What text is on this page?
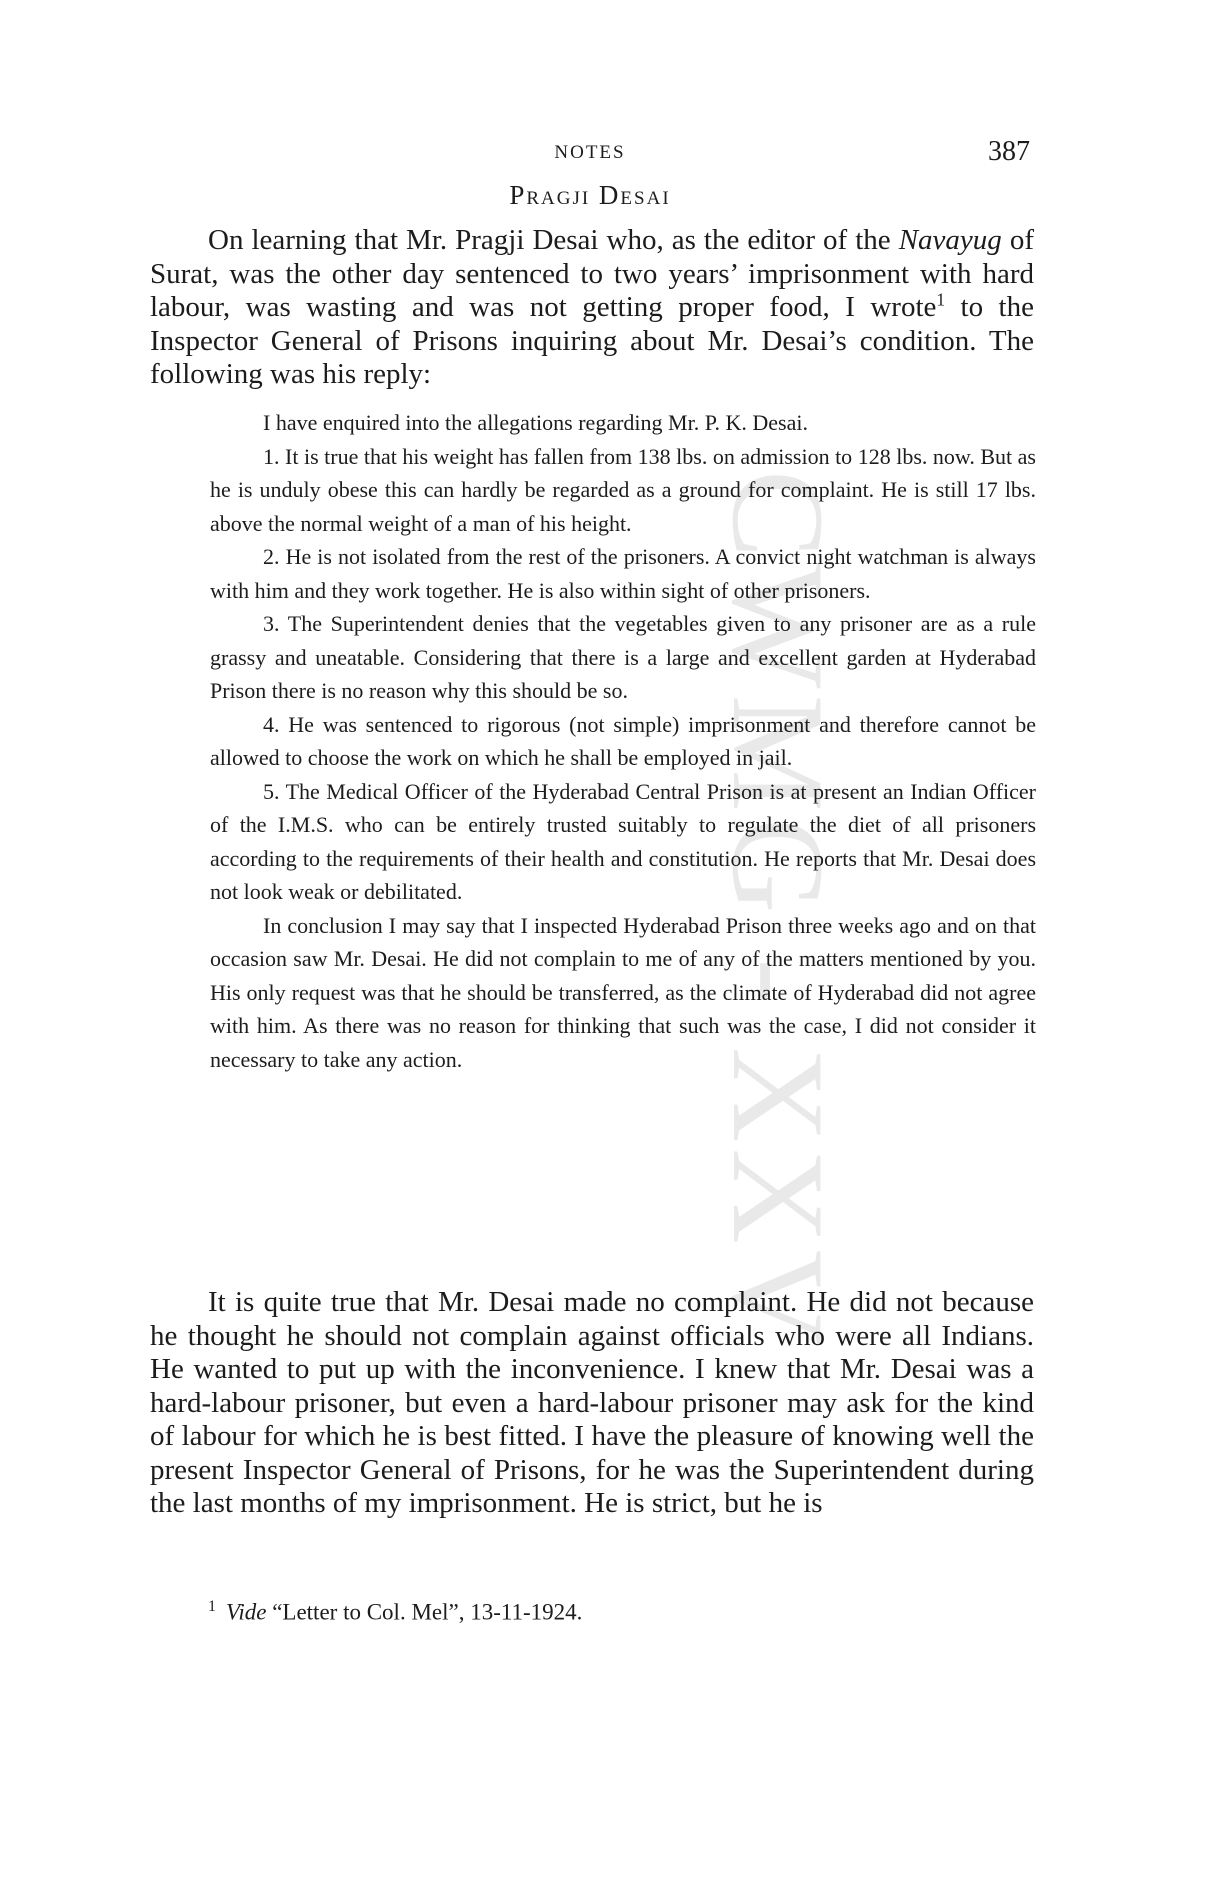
CWMG - XXV
NOTES	387
Pragji Desai

On learning that Mr. Pragji Desai who, as the editor of the Navayug of Surat, was the other day sentenced to two years’ imprisonment with hard labour, was wasting and was not getting proper food, I wrote$^1$ to the Inspector General of Prisons inquiring about Mr. Desai’s condition. The following was his reply:

I have enquired into the allegations regarding Mr. P. K. Desai.

1. It is true that his weight has fallen from 138 lbs. on admission to 128 lbs. now. But as he is unduly obese this can hardly be regarded as a ground for complaint. He is still 17 lbs. above the normal weight of a man of his height.

2. He is not isolated from the rest of the prisoners. A convict night watchman is always with him and they work together. He is also within sight of other prisoners.

3. The Superintendent denies that the vegetables given to any prisoner are as a rule grassy and uneatable. Considering that there is a large and excellent garden at Hyderabad Prison there is no reason why this should be so.

4. He was sentenced to rigorous (not simple) imprisonment and therefore cannot be allowed to choose the work on which he shall be employed in jail.

5. The Medical Officer of the Hyderabad Central Prison is at present an Indian Officer of the I.M.S. who can be entirely trusted suitably to regulate the diet of all prisoners according to the requirements of their health and constitution. He reports that Mr. Desai does not look weak or debilitated.

In conclusion I may say that I inspected Hyderabad Prison three weeks ago and on that occasion saw Mr. Desai. He did not complain to me of any of the matters mentioned by you. His only request was that he should be transferred, as the climate of Hyderabad did not agree with him. As there was no reason for thinking that such was the case, I did not consider it necessary to take any action.

It is quite true that Mr. Desai made no complaint. He did not because he thought he should not complain against officials who were all Indians. He wanted to put up with the inconvenience. I knew that Mr. Desai was a hard-labour prisoner, but even a hard-labour prisoner may ask for the kind of labour for which he is best fitted. I have the pleasure of knowing well the present Inspector General of Prisons, for he was the Superintendent during the last months of my imprisonment. He is strict, but he is

$^1$ Vide “Letter to Col. Mel”, 13-11-1924.
